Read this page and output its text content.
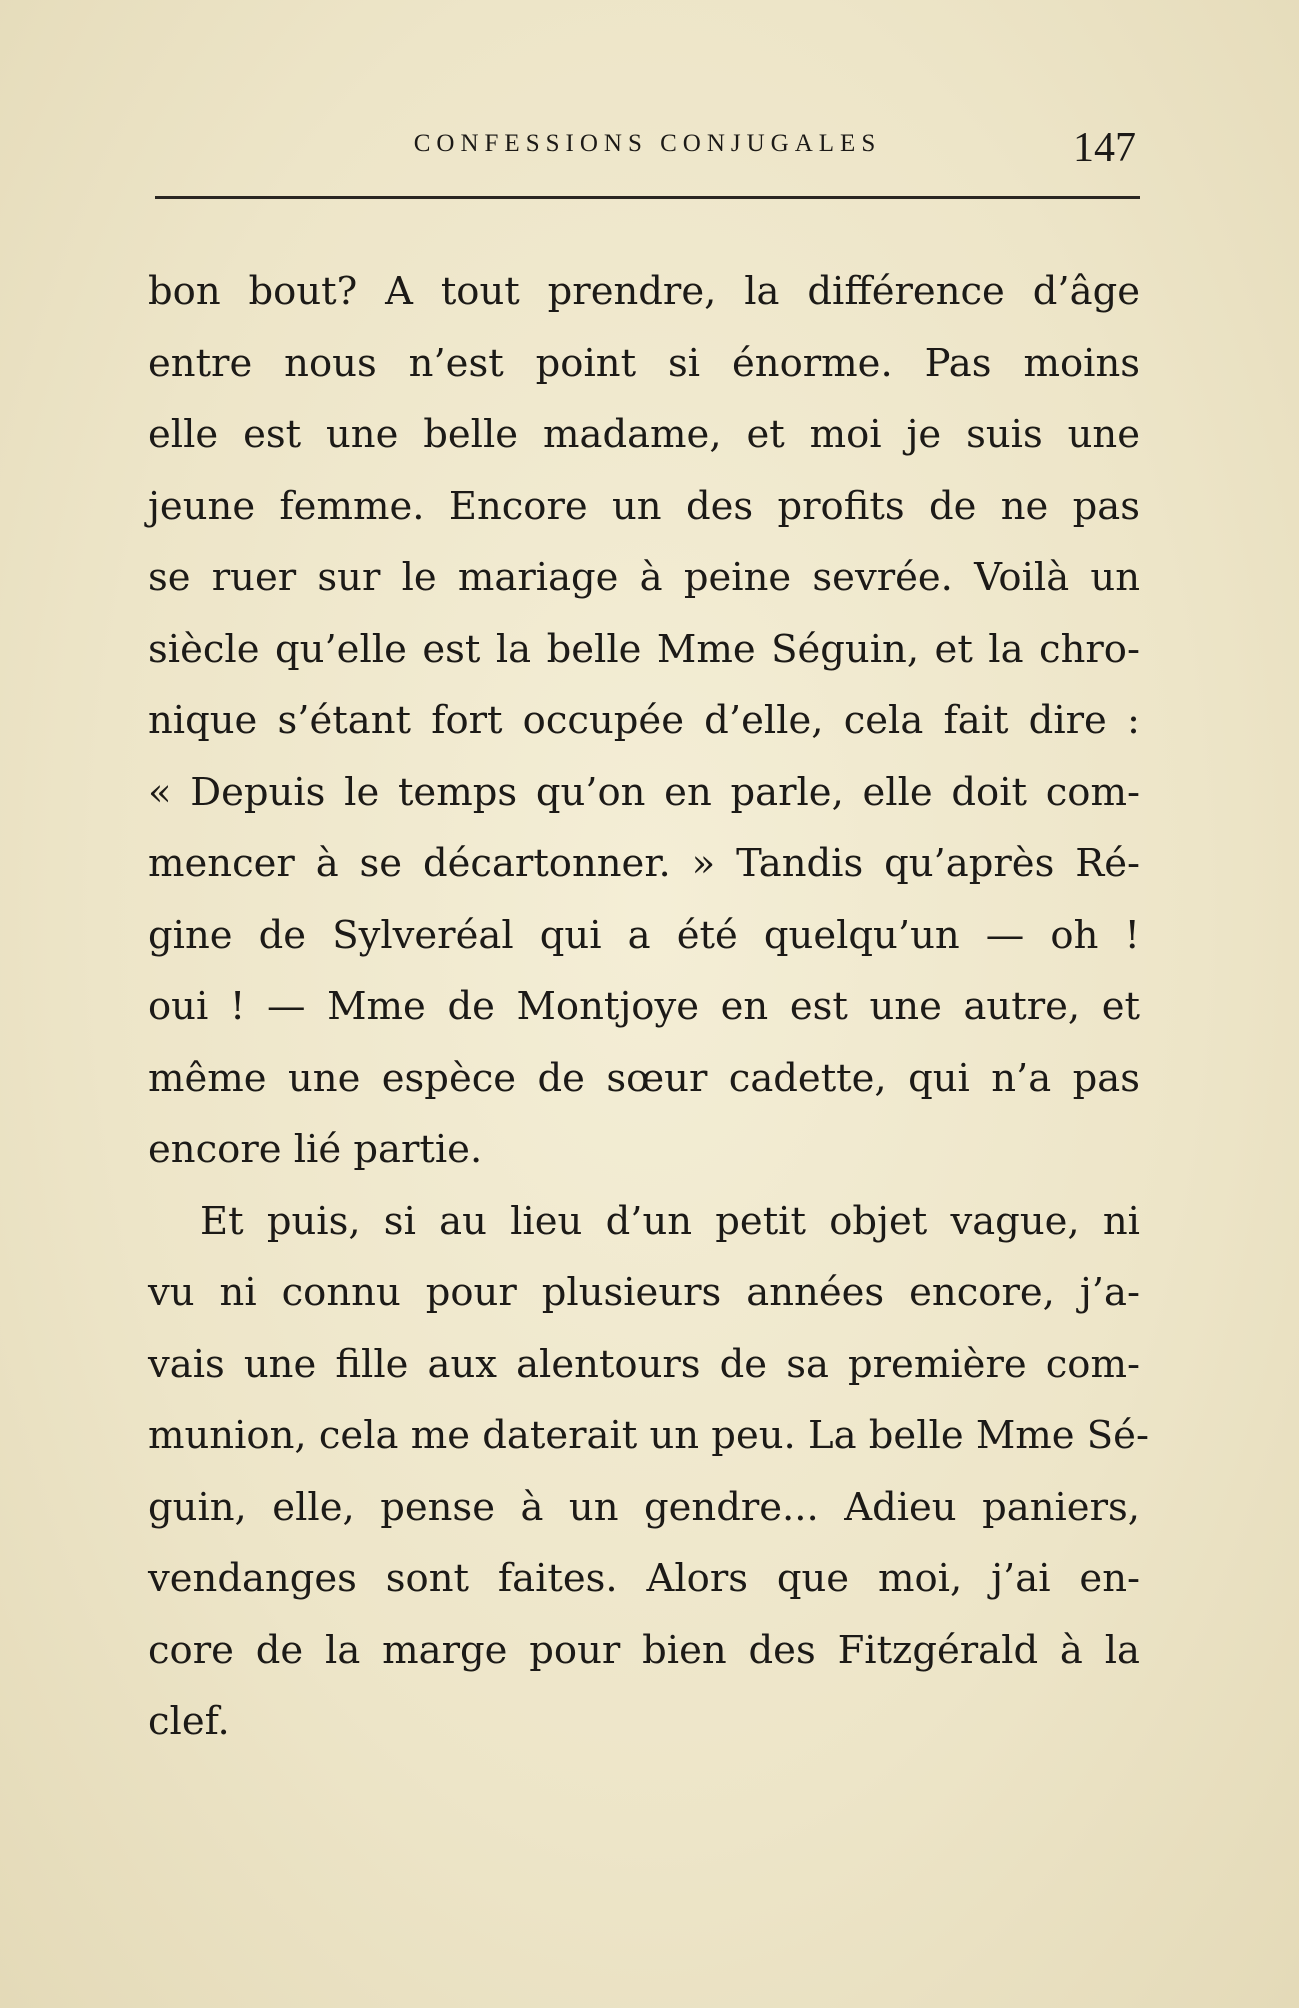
CONFESSIONS CONJUGALES	147
bon bout? A tout prendre, la différence d’âge
entre nous n’est point si énorme. Pas moins
elle est une belle madame, et moi je suis une
jeune femme. Encore un des profits de ne pas
se ruer sur le mariage à peine sevrée. Voilà un
siècle qu’elle est la belle Mme Séguin, et la chro-
nique s’étant fort occupée d’elle, cela fait dire :
« Depuis le temps qu’on en parle, elle doit com-
mencer à se décartonner. » Tandis qu’après Ré-
gine de Sylveréal qui a été quelqu’un — oh !
oui ! — Mme de Montjoye en est une autre, et
même une espèce de sœur cadette, qui n’a pas
encore lié partie.
Et puis, si au lieu d’un petit objet vague, ni
vu ni connu pour plusieurs années encore, j’a-
vais une fille aux alentours de sa première com-
munion, cela me daterait un peu. La belle Mme Sé-
guin, elle, pense à un gendre... Adieu paniers,
vendanges sont faites. Alors que moi, j’ai en-
core de la marge pour bien des Fitzgérald à la
clef.
